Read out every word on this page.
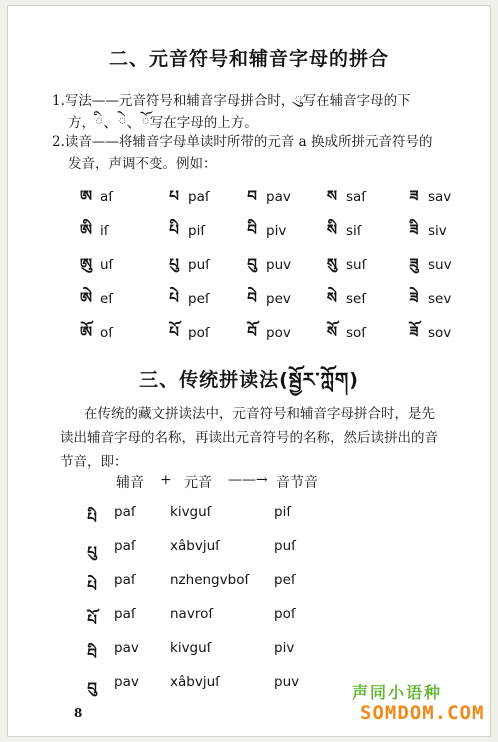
二、元音符号和辅音字母的拼合
1.写法——元音符号和辅音字母拼合时，ུ写在辅音字母的下
方，ི、ེ、ོ写在字母的上方。
2.读音——将辅音字母单读时所带的元音 a 换成所拼元音符号的
发音，声调不变。例如：
ཨ aſ	པ paſ	བ pav ས saſ	ཟ sav
ཨི iſ	པི piſ	བི piv	སི siſ	ཟི siv
ཨུ uſ	པུ puſ བུ puv སུ suſ	ཟུ suv
ཨེ eſ	པེ peſ	བེ pev སེ seſ	ཟེ sev
ཨོ oſ	པོ poſ	བོ pov སོ soſ	ཟོ sov
三、传统拼读法(སྦྱོར་ཀློག)
在传统的藏文拼读法中，元音符号和辅音字母拼合时，是先
读出辅音字母的名称，再读出元音符号的名称，然后读拼出的音
节音，即：
辅音 + 元音 ——→ 音节音
པི paſ	kivguſ	piſ
པུ paſ	xâbvjuſ	puſ
པེ paſ	nzhengvboſ peſ
པོ paſ	navroſ	poſ
བི pav kivguſ	piv
བུ pav xâbvjuſ	puv
8
声同小语种
SOMDOM.COM
